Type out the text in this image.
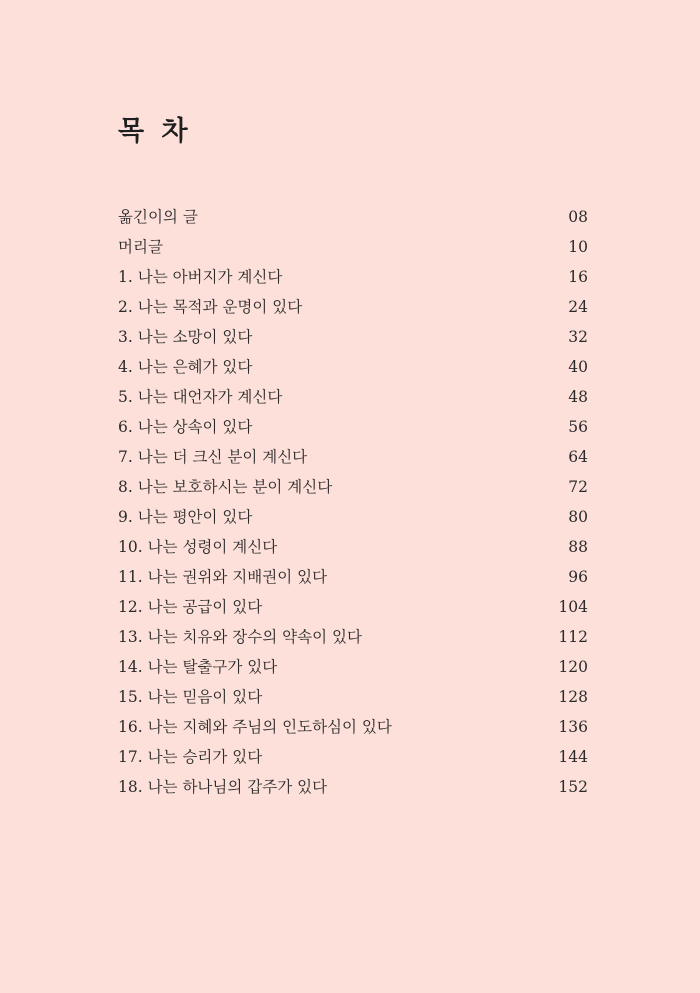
목 차
옮긴이의 글	08
머리글	10
1. 나는 아버지가 계신다	16
2. 나는 목적과 운명이 있다	24
3. 나는 소망이 있다	32
4. 나는 은혜가 있다	40
5. 나는 대언자가 계신다	48
6. 나는 상속이 있다	56
7. 나는 더 크신 분이 계신다	64
8. 나는 보호하시는 분이 계신다	72
9. 나는 평안이 있다	80
10. 나는 성령이 계신다	88
11. 나는 권위와 지배권이 있다	96
12. 나는 공급이 있다	104
13. 나는 치유와 장수의 약속이 있다	112
14. 나는 탈출구가 있다	120
15. 나는 믿음이 있다	128
16. 나는 지혜와 주님의 인도하심이 있다	136
17. 나는 승리가 있다	144
18. 나는 하나님의 갑주가 있다	152
